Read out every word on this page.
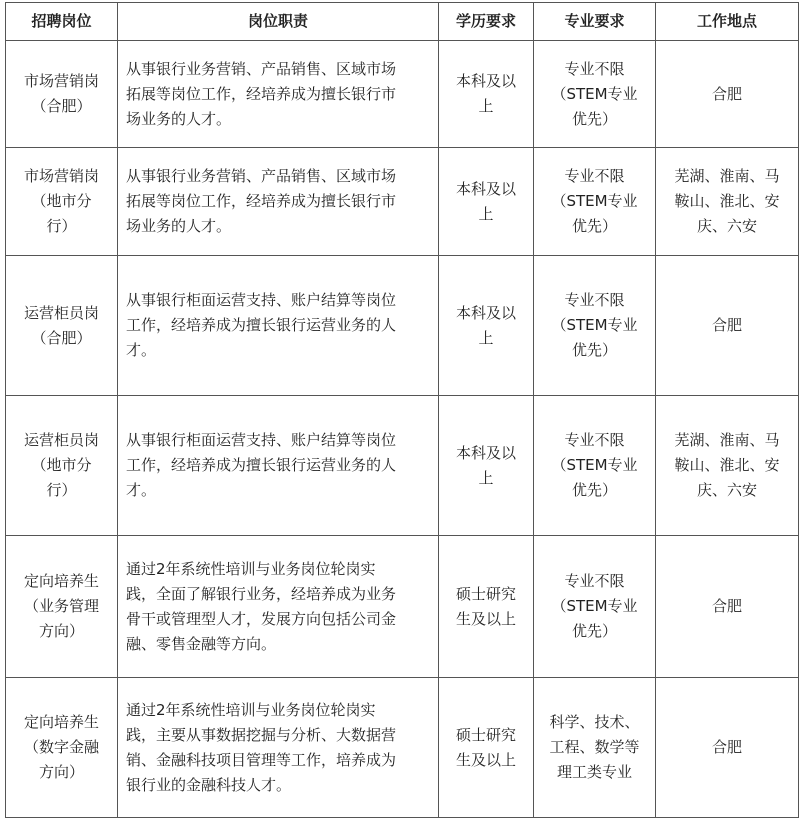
招聘岗位	岗位职责	学历要求	专业要求	工作地点

市场营销岗
（合肥）	从事银行业务营销、产品销售、区域市场
拓展等岗位工作，经培养成为擅长银行市
场业务的人才。	本科及以
上	专业不限
（STEM专业
优先）	合肥

市场营销岗
（地市分
行）	从事银行业务营销、产品销售、区域市场
拓展等岗位工作，经培养成为擅长银行市
场业务的人才。	本科及以
上	专业不限
（STEM专业
优先）	芜湖、淮南、马
鞍山、淮北、安
庆、六安

运营柜员岗
（合肥）	从事银行柜面运营支持、账户结算等岗位
工作，经培养成为擅长银行运营业务的人
才。	本科及以
上	专业不限
（STEM专业
优先）	合肥

运营柜员岗
（地市分
行）	从事银行柜面运营支持、账户结算等岗位
工作，经培养成为擅长银行运营业务的人
才。	本科及以
上	专业不限
（STEM专业
优先）	芜湖、淮南、马
鞍山、淮北、安
庆、六安

定向培养生
（业务管理
方向）	通过2年系统性培训与业务岗位轮岗实
践，全面了解银行业务，经培养成为业务
骨干或管理型人才，发展方向包括公司金
融、零售金融等方向。	硕士研究
生及以上	专业不限
（STEM专业
优先）	合肥

定向培养生
（数字金融
方向）	通过2年系统性培训与业务岗位轮岗实
践，主要从事数据挖掘与分析、大数据营
销、金融科技项目管理等工作，培养成为
银行业的金融科技人才。	硕士研究
生及以上	科学、技术、
工程、数学等
理工类专业	合肥
